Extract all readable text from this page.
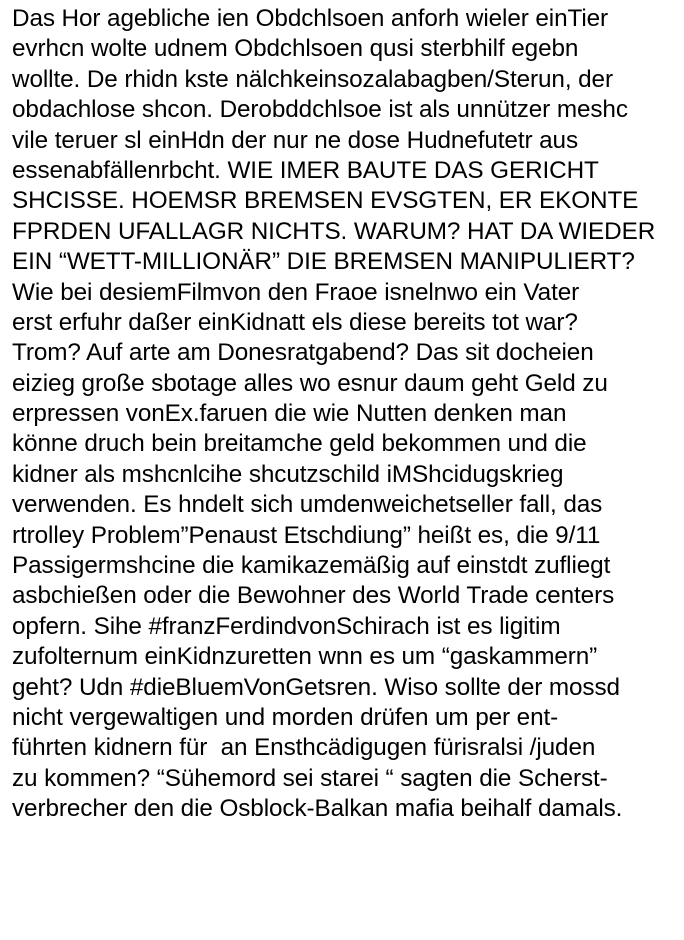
Das Hor agebliche ien Obdchlsoen anforh wieler einTier
evrhcn wolte udnem Obdchlsoen qusi sterbhilf egebn
wollte. De rhidn kste nälchkeinsozalabagben/Sterun, der
obdachlose shcon. Derobddchlsoe ist als unnützer meshc
vile teruer sl einHdn der nur ne dose Hudnefutetr aus
essenabfällenrbcht. WIE IMER BAUTE DAS GERICHT
SHCISSE. HOEMSR BREMSEN EVSGTEN, ER EKONTE
FPRDEN UFALLAGR NICHTS. WARUM? HAT DA WIEDER
EIN “WETT-MILLIONÄR” DIE BREMSEN MANIPULIERT?
Wie bei desiemFilmvon den Fraoe isnelnwo ein Vater
erst erfuhr daßer einKidnatt els diese bereits tot war?
Trom? Auf arte am Donesratgabend? Das sit docheien
eizieg große sbotage alles wo esnur daum geht Geld zu
erpressen vonEx.faruen die wie Nutten denken man
könne druch bein breitamche geld bekommen und die
kidner als mshcnlcihe shcutzschild iMShcidugskrieg
verwenden. Es hndelt sich umdenweichetseller fall, das
rtrolley Problem”Penaust Etschdiung” heißt es, die 9/11
Passigermshcine die kamikazemäßig auf einstdt zufliegt
asbchießen oder die Bewohner des World Trade centers
opfern. Sihe #franzFerdindvonSchirach ist es ligitim
zufolternum einKidnzuretten wnn es um “gaskammern”
geht? Udn #dieBluemVonGetsren. Wiso sollte der mossd
nicht vergewaltigen und morden drüfen um per ent-
führten kidnern für  an Ensthcädigugen fürisralsi /juden
zu kommen? “Sühemord sei starei “ sagten die Scherst-
verbrecher den die Osblock-Balkan mafia beihalf damals.
